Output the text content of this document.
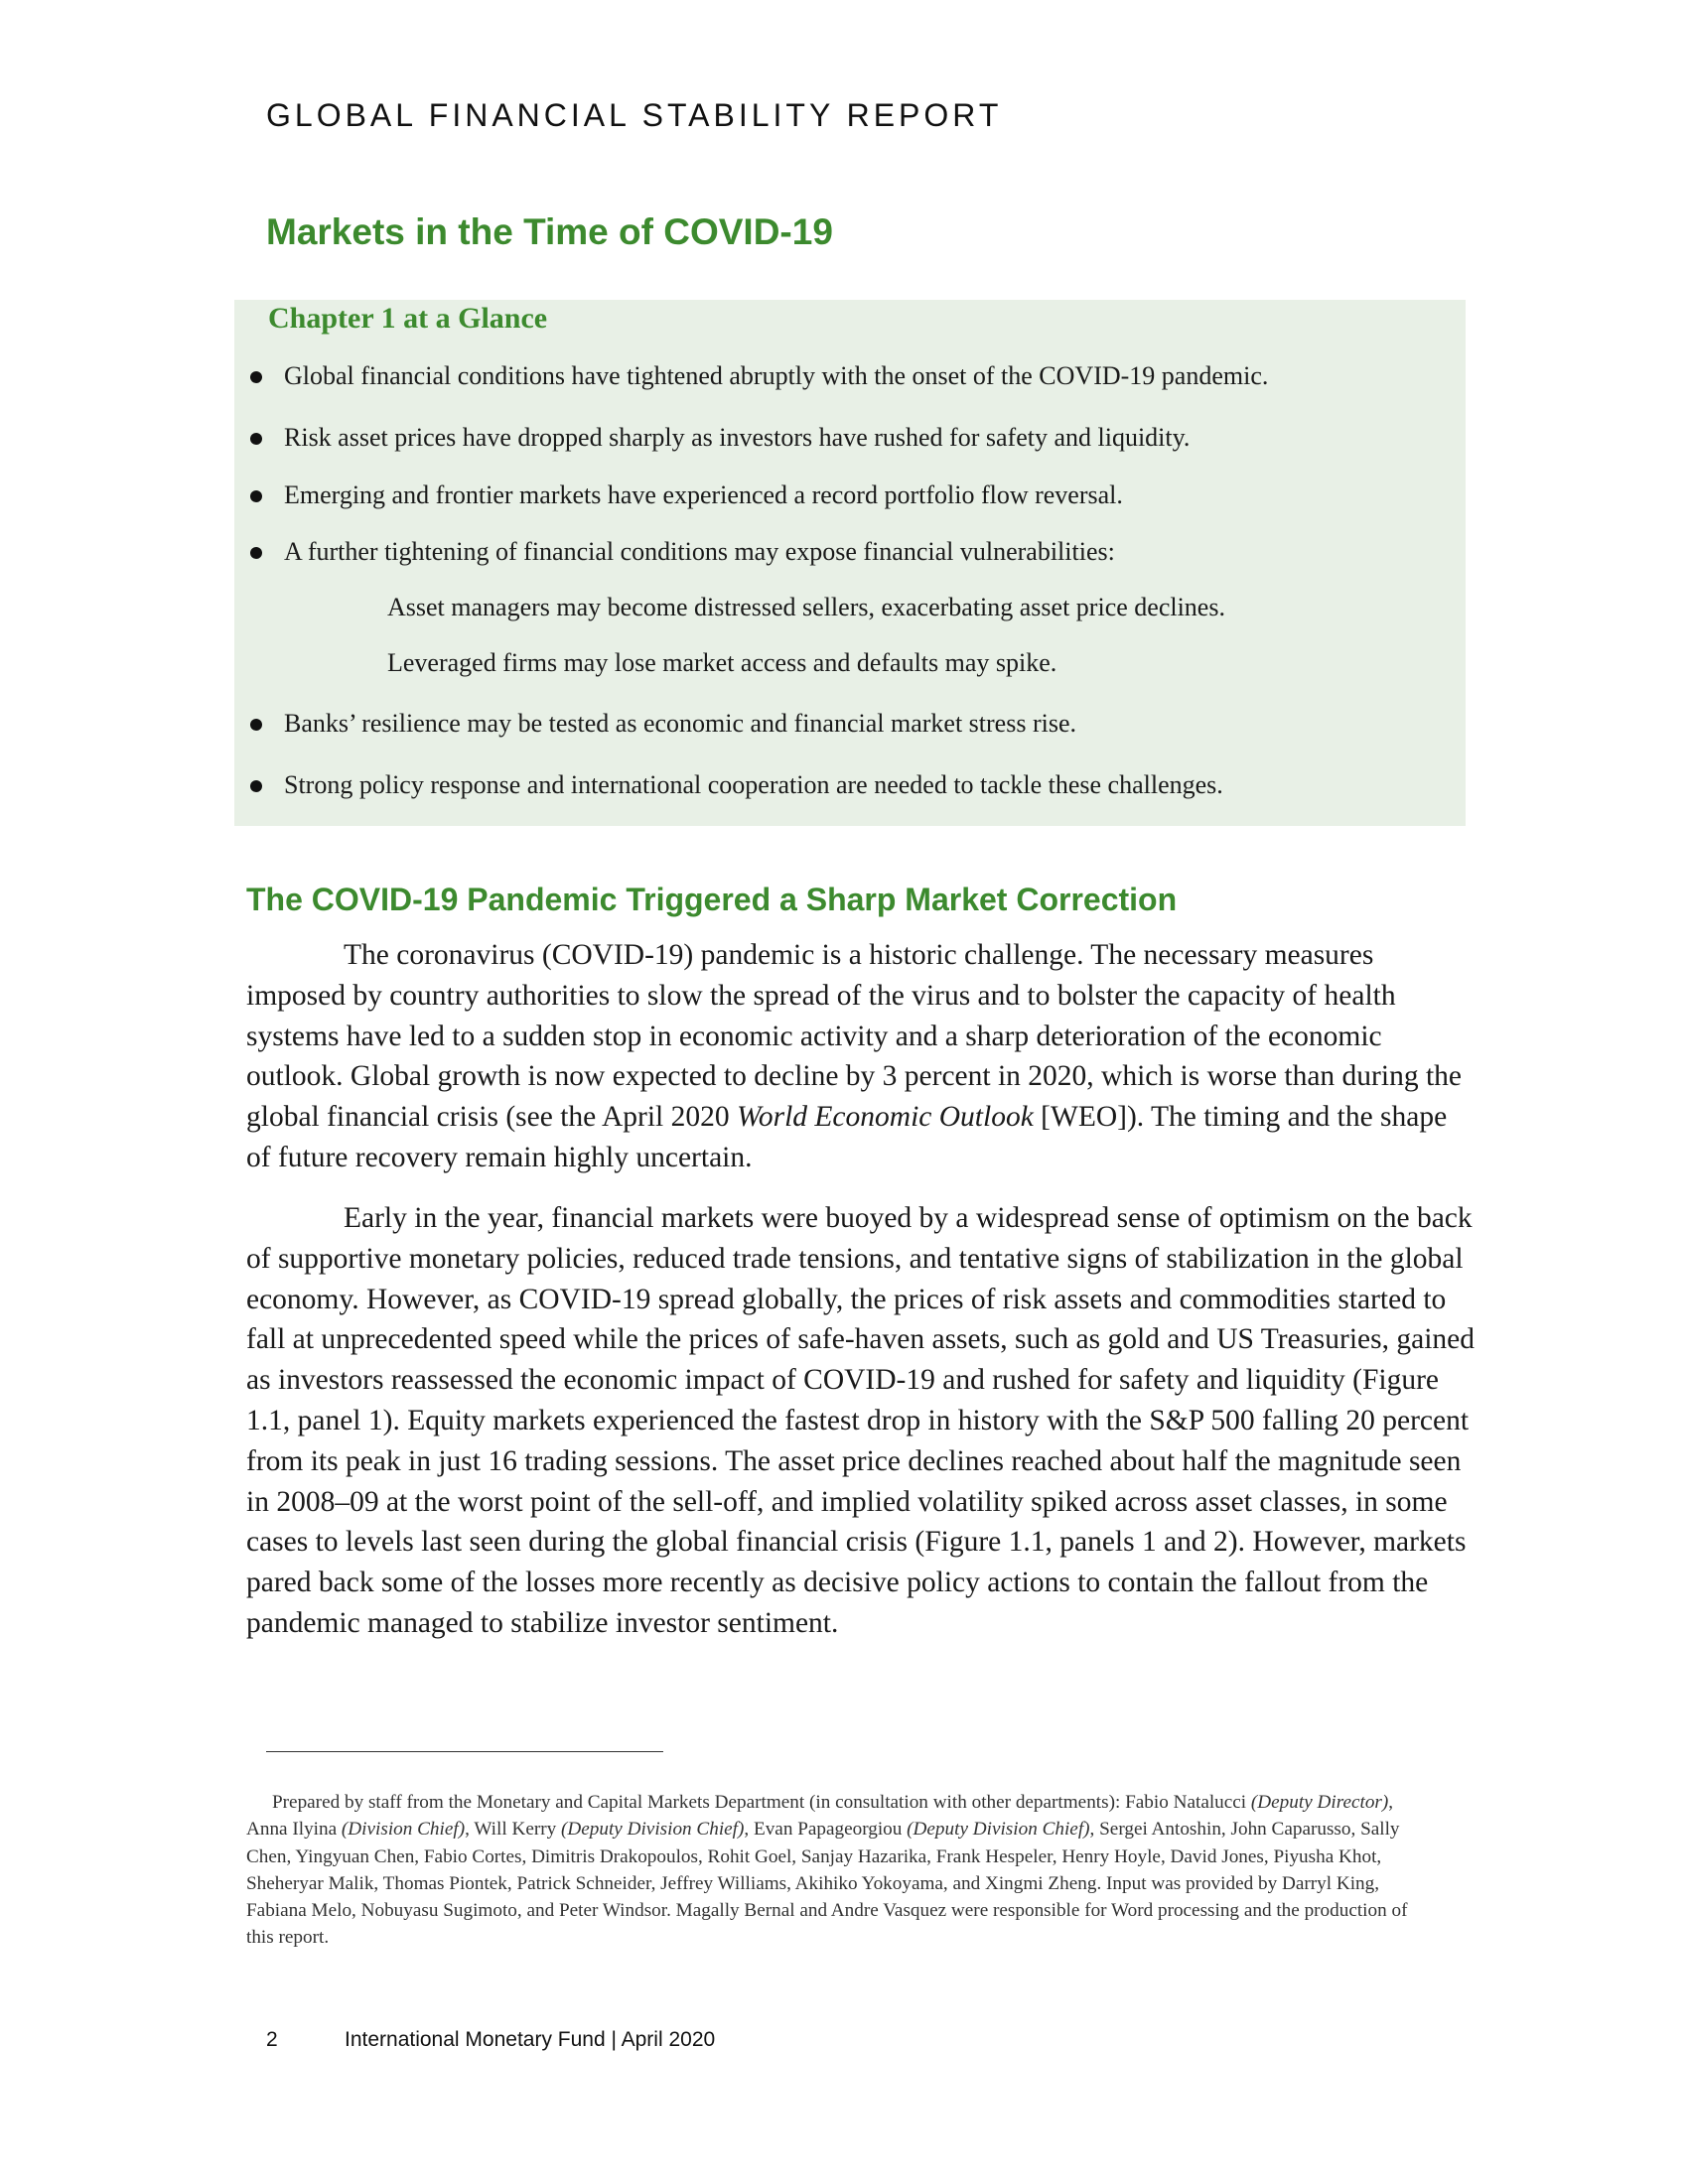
GLOBAL FINANCIAL STABILITY REPORT
Markets in the Time of COVID-19
Chapter 1 at a Glance
Global financial conditions have tightened abruptly with the onset of the COVID-19 pandemic.
Risk asset prices have dropped sharply as investors have rushed for safety and liquidity.
Emerging and frontier markets have experienced a record portfolio flow reversal.
A further tightening of financial conditions may expose financial vulnerabilities:
Asset managers may become distressed sellers, exacerbating asset price declines.
Leveraged firms may lose market access and defaults may spike.
Banks’ resilience may be tested as economic and financial market stress rise.
Strong policy response and international cooperation are needed to tackle these challenges.
The COVID-19 Pandemic Triggered a Sharp Market Correction

The coronavirus (COVID-19) pandemic is a historic challenge. The necessary measures imposed by country authorities to slow the spread of the virus and to bolster the capacity of health systems have led to a sudden stop in economic activity and a sharp deterioration of the economic outlook. Global growth is now expected to decline by 3 percent in 2020, which is worse than during the global financial crisis (see the April 2020 World Economic Outlook [WEO]). The timing and the shape of future recovery remain highly uncertain.

Early in the year, financial markets were buoyed by a widespread sense of optimism on the back of supportive monetary policies, reduced trade tensions, and tentative signs of stabilization in the global economy. However, as COVID-19 spread globally, the prices of risk assets and commodities started to fall at unprecedented speed while the prices of safe-haven assets, such as gold and US Treasuries, gained as investors reassessed the economic impact of COVID-19 and rushed for safety and liquidity (Figure 1.1, panel 1). Equity markets experienced the fastest drop in history with the S&P 500 falling 20 percent from its peak in just 16 trading sessions. The asset price declines reached about half the magnitude seen in 2008–09 at the worst point of the sell-off, and implied volatility spiked across asset classes, in some cases to levels last seen during the global financial crisis (Figure 1.1, panels 1 and 2). However, markets pared back some of the losses more recently as decisive policy actions to contain the fallout from the pandemic managed to stabilize investor sentiment.

Prepared by staff from the Monetary and Capital Markets Department (in consultation with other departments): Fabio Natalucci (Deputy Director), Anna Ilyina (Division Chief), Will Kerry (Deputy Division Chief), Evan Papageorgiou (Deputy Division Chief), Sergei Antoshin, John Caparusso, Sally Chen, Yingyuan Chen, Fabio Cortes, Dimitris Drakopoulos, Rohit Goel, Sanjay Hazarika, Frank Hespeler, Henry Hoyle, David Jones, Piyusha Khot, Sheheryar Malik, Thomas Piontek, Patrick Schneider, Jeffrey Williams, Akihiko Yokoyama, and Xingmi Zheng. Input was provided by Darryl King, Fabiana Melo, Nobuyasu Sugimoto, and Peter Windsor. Magally Bernal and Andre Vasquez were responsible for Word processing and the production of this report.

2	International Monetary Fund | April 2020
